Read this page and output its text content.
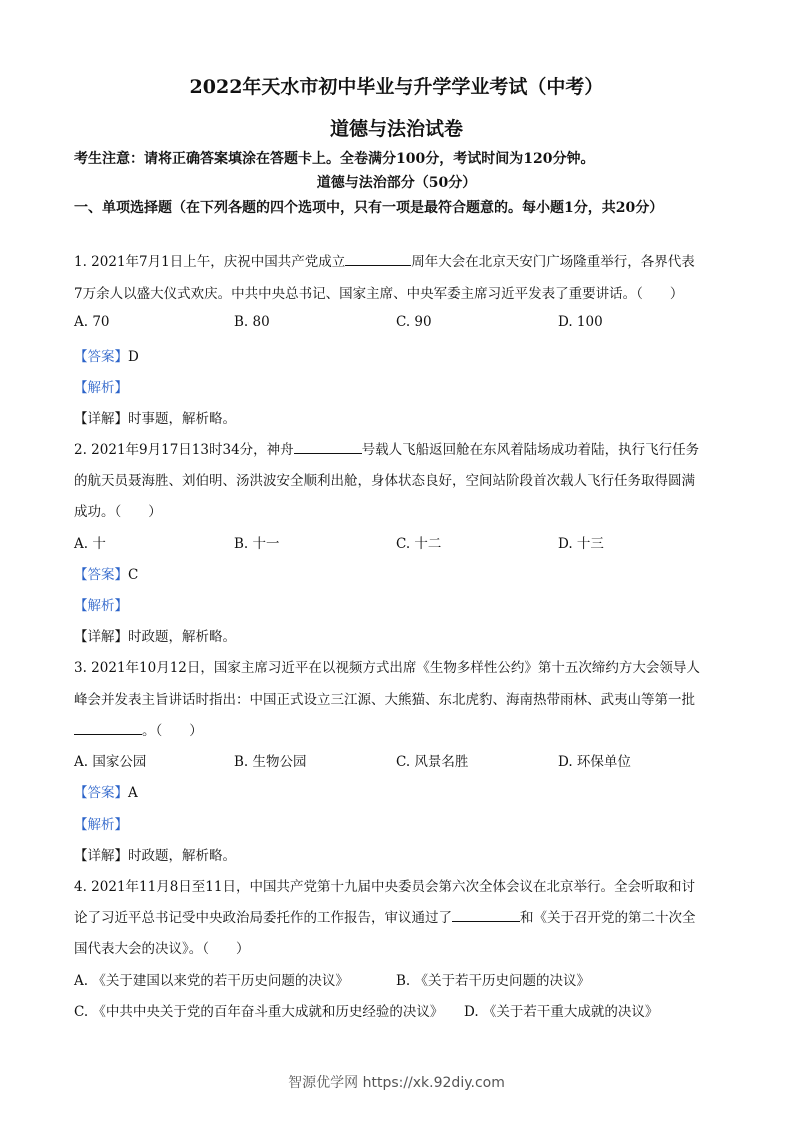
2022年天水市初中毕业与升学学业考试（中考）
道德与法治试卷
考生注意：请将正确答案填涂在答题卡上。全卷满分100分，考试时间为120分钟。
道德与法治部分（50分）
一、单项选择题（在下列各题的四个选项中，只有一项是最符合题意的。每小题1分，共20分）
1. 2021年7月1日上午，庆祝中国共产党成立	周年大会在北京天安门广场隆重举行，各界代表
7万余人以盛大仪式欢庆。中共中央总书记、国家主席、中央军委主席习近平发表了重要讲话。（　　）
A. 70	B. 80	C. 90	D. 100
【答案】D
【解析】
【详解】时事题，解析略。
2. 2021年9月17日13时34分，神舟	号载人飞船返回舱在东风着陆场成功着陆，执行飞行任务
的航天员聂海胜、刘伯明、汤洪波安全顺利出舱，身体状态良好，空间站阶段首次载人飞行任务取得圆满
成功。（　　）
A. 十	B. 十一	C. 十二	D. 十三
【答案】C
【解析】
【详解】时政题，解析略。
3. 2021年10月12日，国家主席习近平在以视频方式出席《生物多样性公约》第十五次缔约方大会领导人
峰会并发表主旨讲话时指出：中国正式设立三江源、大熊猫、东北虎豹、海南热带雨林、武夷山等第一批
。（　　）
A. 国家公园	B. 生物公园	C. 风景名胜	D. 环保单位
【答案】A
【解析】
【详解】时政题，解析略。
4. 2021年11月8日至11日，中国共产党第十九届中央委员会第六次全体会议在北京举行。全会听取和讨
论了习近平总书记受中央政治局委托作的工作报告，审议通过了	和《关于召开党的第二十次全
国代表大会的决议》。（　　）
A. 《关于建国以来党的若干历史问题的决议》	B. 《关于若干历史问题的决议》
C. 《中共中央关于党的百年奋斗重大成就和历史经验的决议》 D. 《关于若干重大成就的决议》
智源优学网 https://xk.92diy.com
